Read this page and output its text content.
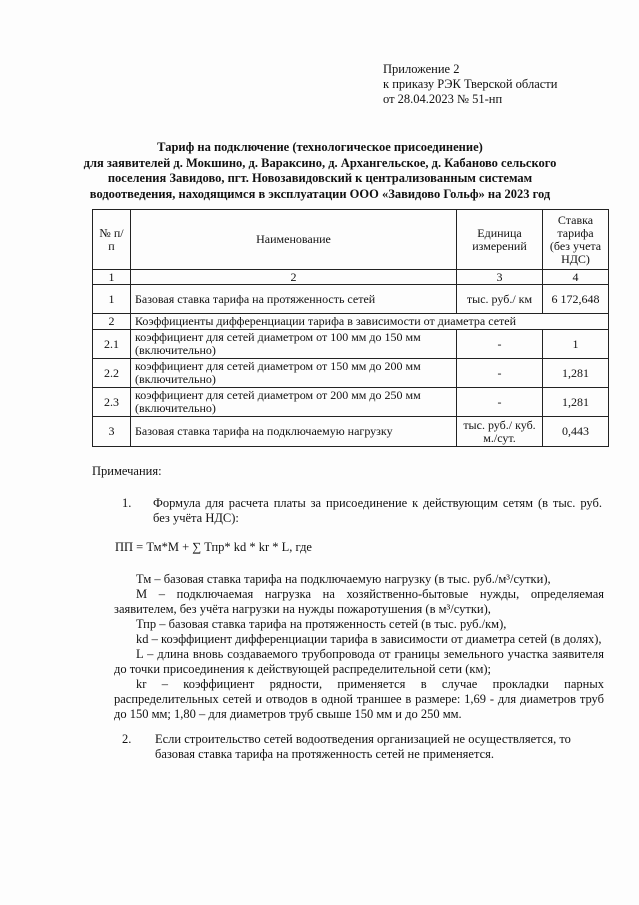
Приложение 2
к приказу РЭК Тверской области
от 28.04.2023 № 51-нп
Тариф на подключение (технологическое присоединение)
для заявителей д. Мокшино, д. Вараксино, д. Архангельское, д. Кабаново сельского
поселения Завидово, пгт. Новозавидовский к централизованным системам
водоотведения, находящимся в эксплуатации ООО «Завидово Гольф» на 2023 год
№ п/п	Наименование	Единица измерений	Ставка тарифа (без учета НДС)
1	2	3	4
1	Базовая ставка тарифа на протяженность сетей	тыс. руб./ км	6 172,648
2	Коэффициенты дифференциации тарифа в зависимости от диаметра сетей		
2.1	коэффициент для сетей диаметром от 100 мм до 150 мм (включительно)	-	1
2.2	коэффициент для сетей диаметром от 150 мм до 200 мм (включительно)	-	1,281
2.3	коэффициент для сетей диаметром от 200 мм до 250 мм (включительно)	-	1,281
3	Базовая ставка тарифа на подключаемую нагрузку	тыс. руб./ куб. м./сут.	0,443
Примечания:
1. Формула для расчета платы за присоединение к действующим сетям (в тыс. руб. без учёта НДС):
ПП = Тм*М + ∑ Тпр* kd * kr * L, где

Тм – базовая ставка тарифа на подключаемую нагрузку (в тыс. руб./м³/сутки),

М – подключаемая нагрузка на хозяйственно-бытовые нужды, определяемая заявителем, без учёта нагрузки на нужды пожаротушения (в м³/сутки),

Тпр – базовая ставка тарифа на протяженность сетей (в тыс. руб./км),

kd – коэффициент дифференциации тарифа в зависимости от диаметра сетей (в долях),

L – длина вновь создаваемого трубопровода от границы земельного участка заявителя до точки присоединения к действующей распределительной сети (км);

kr – коэффициент рядности, применяется в случае прокладки парных распределительных сетей и отводов в одной траншее в размере: 1,69 - для диаметров труб до 150 мм; 1,80 – для диаметров труб свыше 150 мм и до 250 мм.

2. Если строительство сетей водоотведения организацией не осуществляется, то базовая ставка тарифа на протяженность сетей не применяется.
